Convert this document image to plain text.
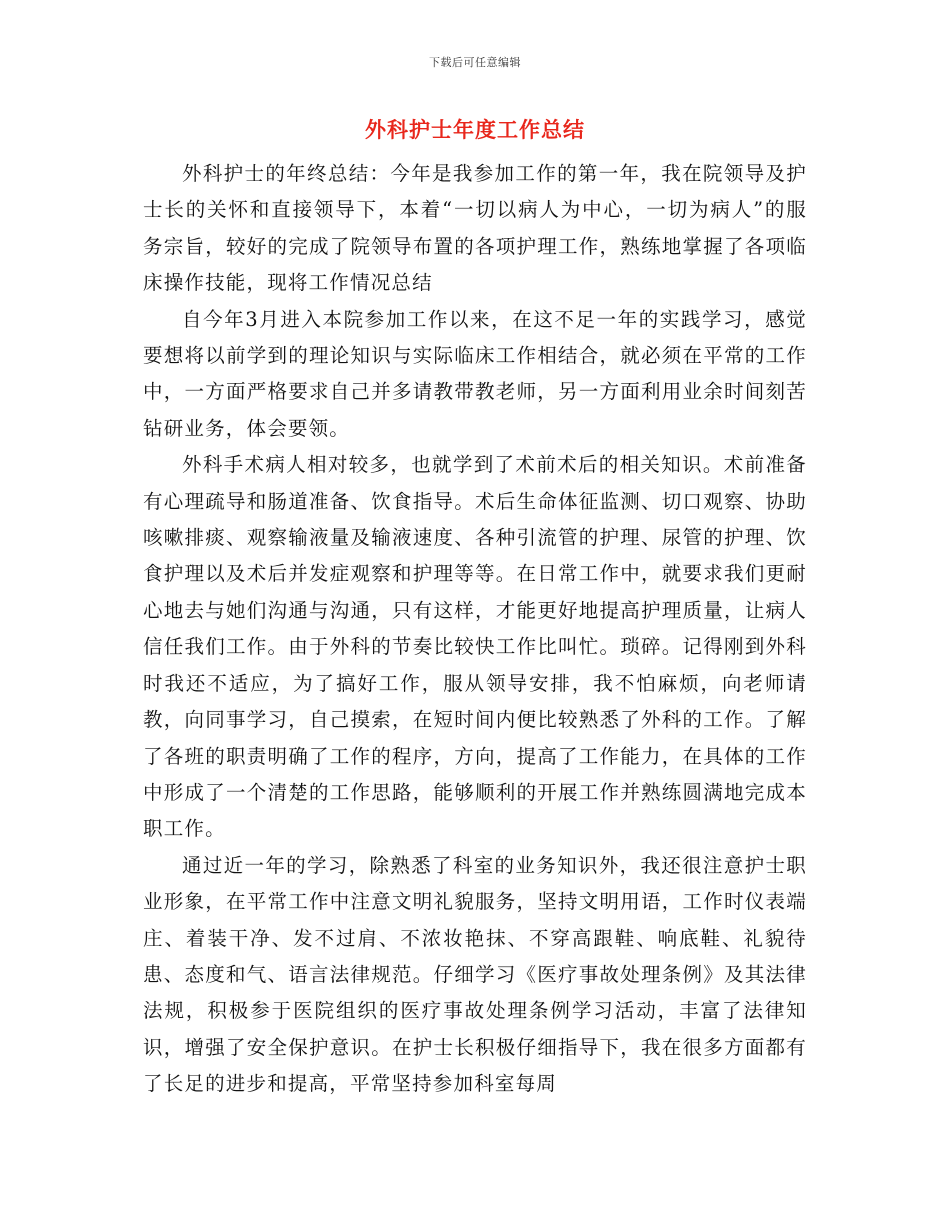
下载后可任意编辑
外科护士年度工作总结

外科护士的年终总结：今年是我参加工作的第一年，我在院领导及护士长的关怀和直接领导下，本着“一切以病人为中心，一切为病人”的服务宗旨，较好的完成了院领导布置的各项护理工作，熟练地掌握了各项临床操作技能，现将工作情况总结

自今年3月进入本院参加工作以来，在这不足一年的实践学习，感觉要想将以前学到的理论知识与实际临床工作相结合，就必须在平常的工作中，一方面严格要求自己并多请教带教老师，另一方面利用业余时间刻苦钻研业务，体会要领。

外科手术病人相对较多，也就学到了术前术后的相关知识。术前准备有心理疏导和肠道准备、饮食指导。术后生命体征监测、切口观察、协助咳嗽排痰、观察输液量及输液速度、各种引流管的护理、尿管的护理、饮食护理以及术后并发症观察和护理等等。在日常工作中，就要求我们更耐心地去与她们沟通与沟通，只有这样，才能更好地提高护理质量，让病人信任我们工作。由于外科的节奏比较快工作比叫忙。琐碎。记得刚到外科时我还不适应，为了搞好工作，服从领导安排，我不怕麻烦，向老师请教，向同事学习，自己摸索，在短时间内便比较熟悉了外科的工作。了解了各班的职责明确了工作的程序，方向，提高了工作能力，在具体的工作中形成了一个清楚的工作思路，能够顺利的开展工作并熟练圆满地完成本职工作。

通过近一年的学习，除熟悉了科室的业务知识外，我还很注意护士职业形象，在平常工作中注意文明礼貌服务，坚持文明用语，工作时仪表端庄、着装干净、发不过肩、不浓妆艳抹、不穿高跟鞋、响底鞋、礼貌待患、态度和气、语言法律规范。仔细学习《医疗事故处理条例》及其法律法规，积极参于医院组织的医疗事故处理条例学习活动，丰富了法律知识，增强了安全保护意识。在护士长积极仔细指导下，我在很多方面都有了长足的进步和提高，平常坚持参加科室每周
